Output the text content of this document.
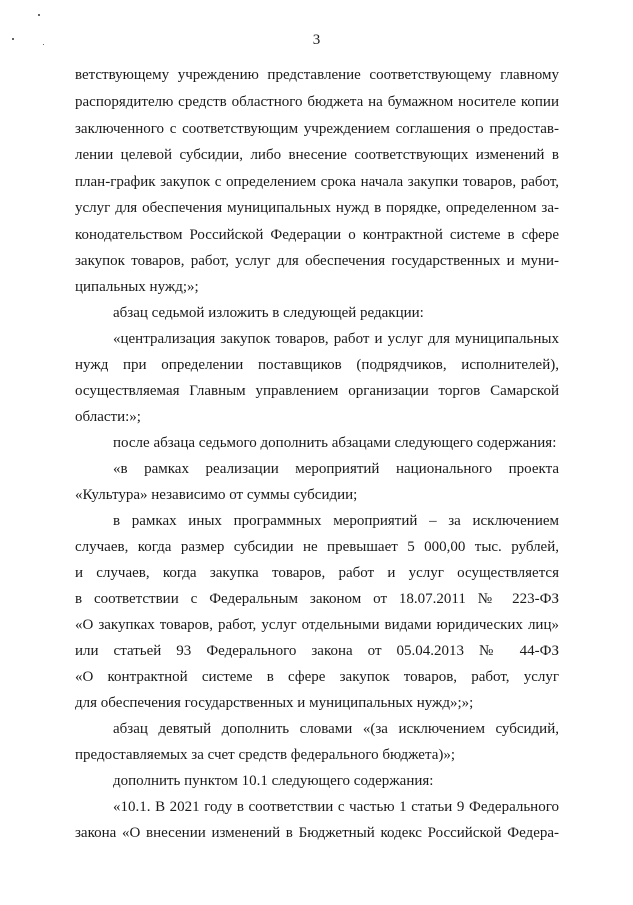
3
ветствующему учреждению представление соответствующему главному
распорядителю средств областного бюджета на бумажном носителе копии
заключенного с соответствующим учреждением соглашения о предостав-
лении целевой субсидии, либо внесение соответствующих изменений в
план-график закупок с определением срока начала закупки товаров, работ,
услуг для обеспечения муниципальных нужд в порядке, определенном за-
конодательством Российской Федерации о контрактной системе в сфере
закупок товаров, работ, услуг для обеспечения государственных и муни-
ципальных нужд;»;
абзац седьмой изложить в следующей редакции:
«централизация закупок товаров, работ и услуг для муниципальных
нужд при определении поставщиков (подрядчиков, исполнителей),
осуществляемая Главным управлением организации торгов Самарской
области:»;
после абзаца седьмого дополнить абзацами следующего содержания:
«в рамках реализации мероприятий национального проекта
«Культура» независимо от суммы субсидии;
в рамках иных программных мероприятий – за исключением
случаев, когда размер субсидии не превышает 5 000,00 тыс. рублей,
и случаев, когда закупка товаров, работ и услуг осуществляется
в соответствии с Федеральным законом от 18.07.2011 № 223-ФЗ
«О закупках товаров, работ, услуг отдельными видами юридических лиц»
или статьей 93 Федерального закона от 05.04.2013 № 44-ФЗ
«О контрактной системе в сфере закупок товаров, работ, услуг
для обеспечения государственных и муниципальных нужд»;»;
абзац девятый дополнить словами «(за исключением субсидий,
предоставляемых за счет средств федерального бюджета)»;
дополнить пунктом 10.1 следующего содержания:
«10.1. В 2021 году в соответствии с частью 1 статьи 9 Федерального
закона «О внесении изменений в Бюджетный кодекс Российской Федера-
